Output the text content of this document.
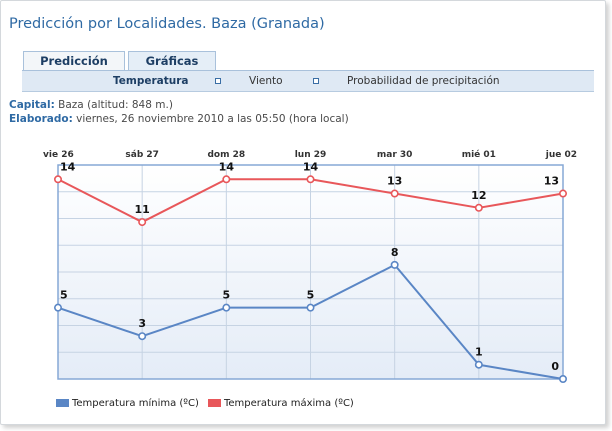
Predicción por Localidades. Baza (Granada)
Predicción	Gráficas
Temperatura	Viento	Probabilidad de precipitación
Capital: Baza (altitud: 848 m.)
Elaborado: viernes, 26 noviembre 2010 a las 05:50 (hora local)
vie 26	sáb 27	dom 28	lun 29	mar 30	mié 01	jue 02
14
11
14	14
13
12
13
5
3
5	5
8
1
0
Temperatura mínima (ºC)	Temperatura máxima (ºC)
